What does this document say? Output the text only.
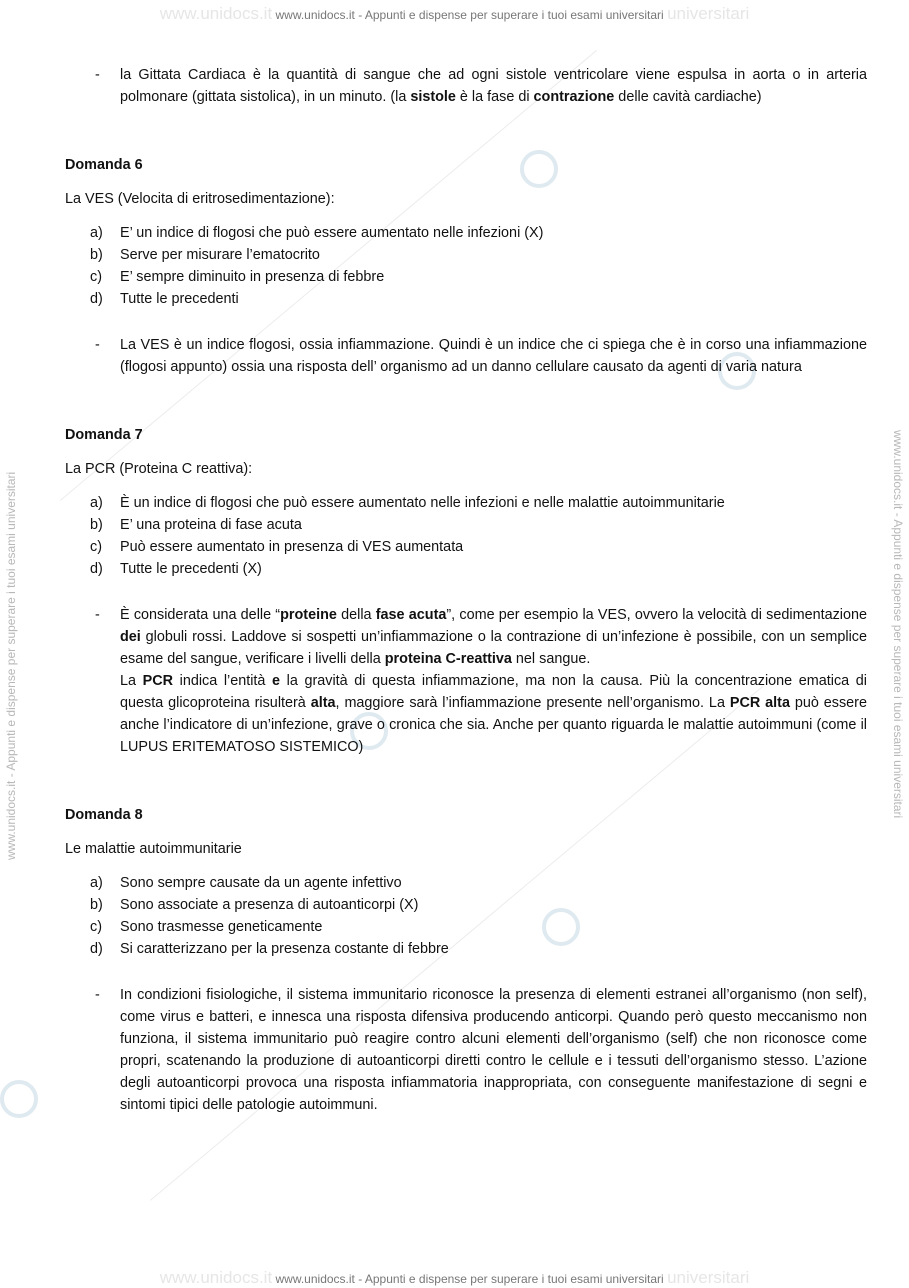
www.unidocs.it www.unidocs.it - Appunti e dispense per superare i tuoi esami universitari universitari
www.unidocs.it - Appunti e dispense per superare i tuoi esami universitari	www.unidocs.it - Appunti e dispense per superare i tuoi esami universitari
-	la Gittata Cardiaca è la quantità di sangue che ad ogni sistole ventricolare viene espulsa in aorta o in arteria polmonare (gittata sistolica), in un minuto. (la sistole è la fase di contrazione delle cavità cardiache)
Domanda 6
La VES (Velocita di eritrosedimentazione):
a)	E’ un indice di flogosi che può essere aumentato nelle infezioni (X)
b)	Serve per misurare l’ematocrito
c)	E’ sempre diminuito in presenza di febbre
d)	Tutte le precedenti
-	La VES è un indice flogosi, ossia infiammazione. Quindi è un indice che ci spiega che è in corso una infiammazione (flogosi appunto) ossia una risposta dell’ organismo ad un danno cellulare causato da agenti di varia natura
Domanda 7
La PCR (Proteina C reattiva):
a)	È un indice di flogosi che può essere aumentato nelle infezioni e nelle malattie autoimmunitarie
b)	E’ una proteina di fase acuta
c)	Può essere aumentato in presenza di VES aumentata
d)	Tutte le precedenti (X)
-	È considerata una delle “proteine della fase acuta”, come per esempio la VES, ovvero la velocità di sedimentazione dei globuli rossi. Laddove si sospetti un’infiammazione o la contrazione di un’infezione è possibile, con un semplice esame del sangue, verificare i livelli della proteina C-reattiva nel sangue.
La PCR indica l’entità e la gravità di questa infiammazione, ma non la causa. Più la concentrazione ematica di questa glicoproteina risulterà alta, maggiore sarà l’infiammazione presente nell’organismo. La PCR alta può essere anche l’indicatore di un’infezione, grave o cronica che sia. Anche per quanto riguarda le malattie autoimmuni (come il LUPUS ERITEMATOSO SISTEMICO)
Domanda 8
Le malattie autoimmunitarie
a)	Sono sempre causate da un agente infettivo
b)	Sono associate a presenza di autoanticorpi (X)
c)	Sono trasmesse geneticamente
d)	Si caratterizzano per la presenza costante di febbre
-	In condizioni fisiologiche, il sistema immunitario riconosce la presenza di elementi estranei all’organismo (non self), come virus e batteri, e innesca una risposta difensiva producendo anticorpi. Quando però questo meccanismo non funziona, il sistema immunitario può reagire contro alcuni elementi dell’organismo (self) che non riconosce come propri, scatenando la produzione di autoanticorpi diretti contro le cellule e i tessuti dell’organismo stesso. L’azione degli autoanticorpi provoca una risposta infiammatoria inappropriata, con conseguente manifestazione di segni e sintomi tipici delle patologie autoimmuni.
www.unidocs.it www.unidocs.it - Appunti e dispense per superare i tuoi esami universitari universitari
